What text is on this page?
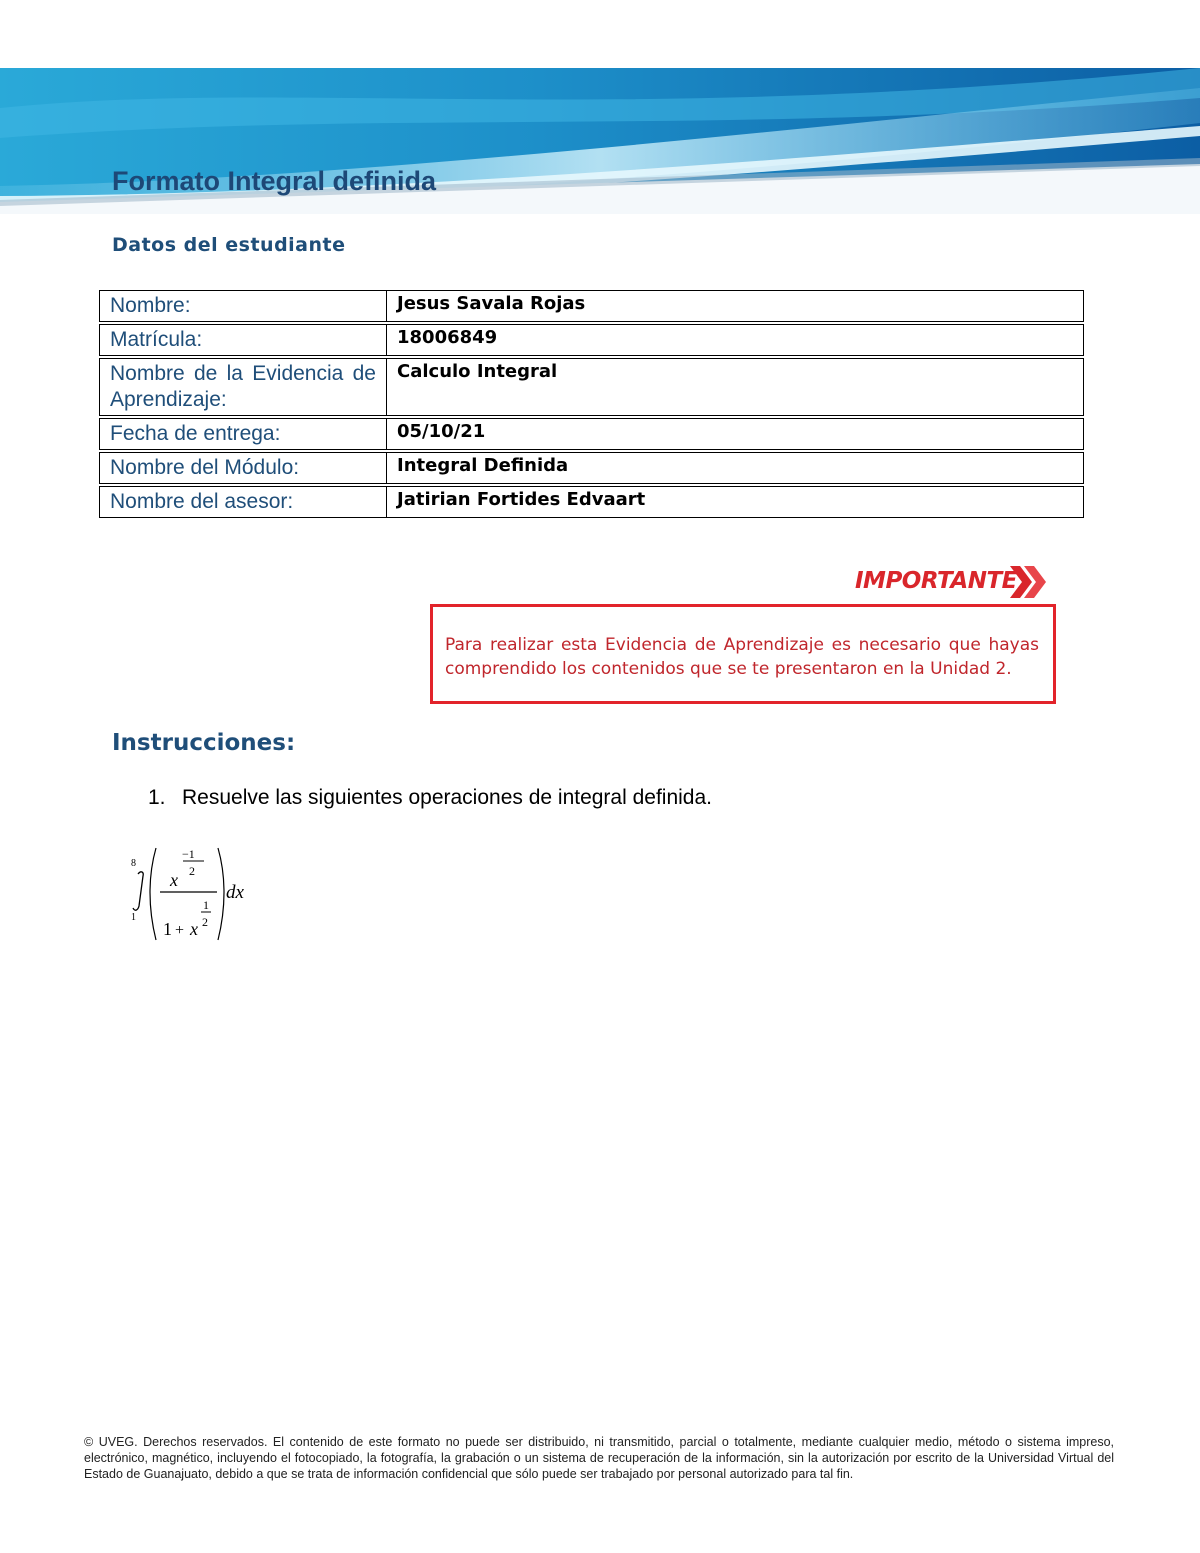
Formato Integral definida
Datos del estudiante
Nombre:	Jesus Savala Rojas
Matrícula:	18006849
Nombre de la Evidencia de Aprendizaje:	Calculo Integral
Fecha de entrega:	05/10/21
Nombre del Módulo:	Integral Definida
Nombre del asesor:	Jatirian Fortides Edvaart
IMPORTANTE

Para realizar esta Evidencia de Aprendizaje es necesario que hayas comprendido los contenidos que se te presentaron en la Unidad 2.

Instrucciones:
1. Resuelve las siguientes operaciones de integral definida.
8
1
x
−1
2
1 + x
1
2
dx

© UVEG. Derechos reservados. El contenido de este formato no puede ser distribuido, ni transmitido, parcial o totalmente, mediante cualquier medio, método o sistema impreso, electrónico, magnético, incluyendo el fotocopiado, la fotografía, la grabación o un sistema de recuperación de la información, sin la autorización por escrito de la Universidad Virtual del Estado de Guanajuato, debido a que se trata de información confidencial que sólo puede ser trabajado por personal autorizado para tal fin.
